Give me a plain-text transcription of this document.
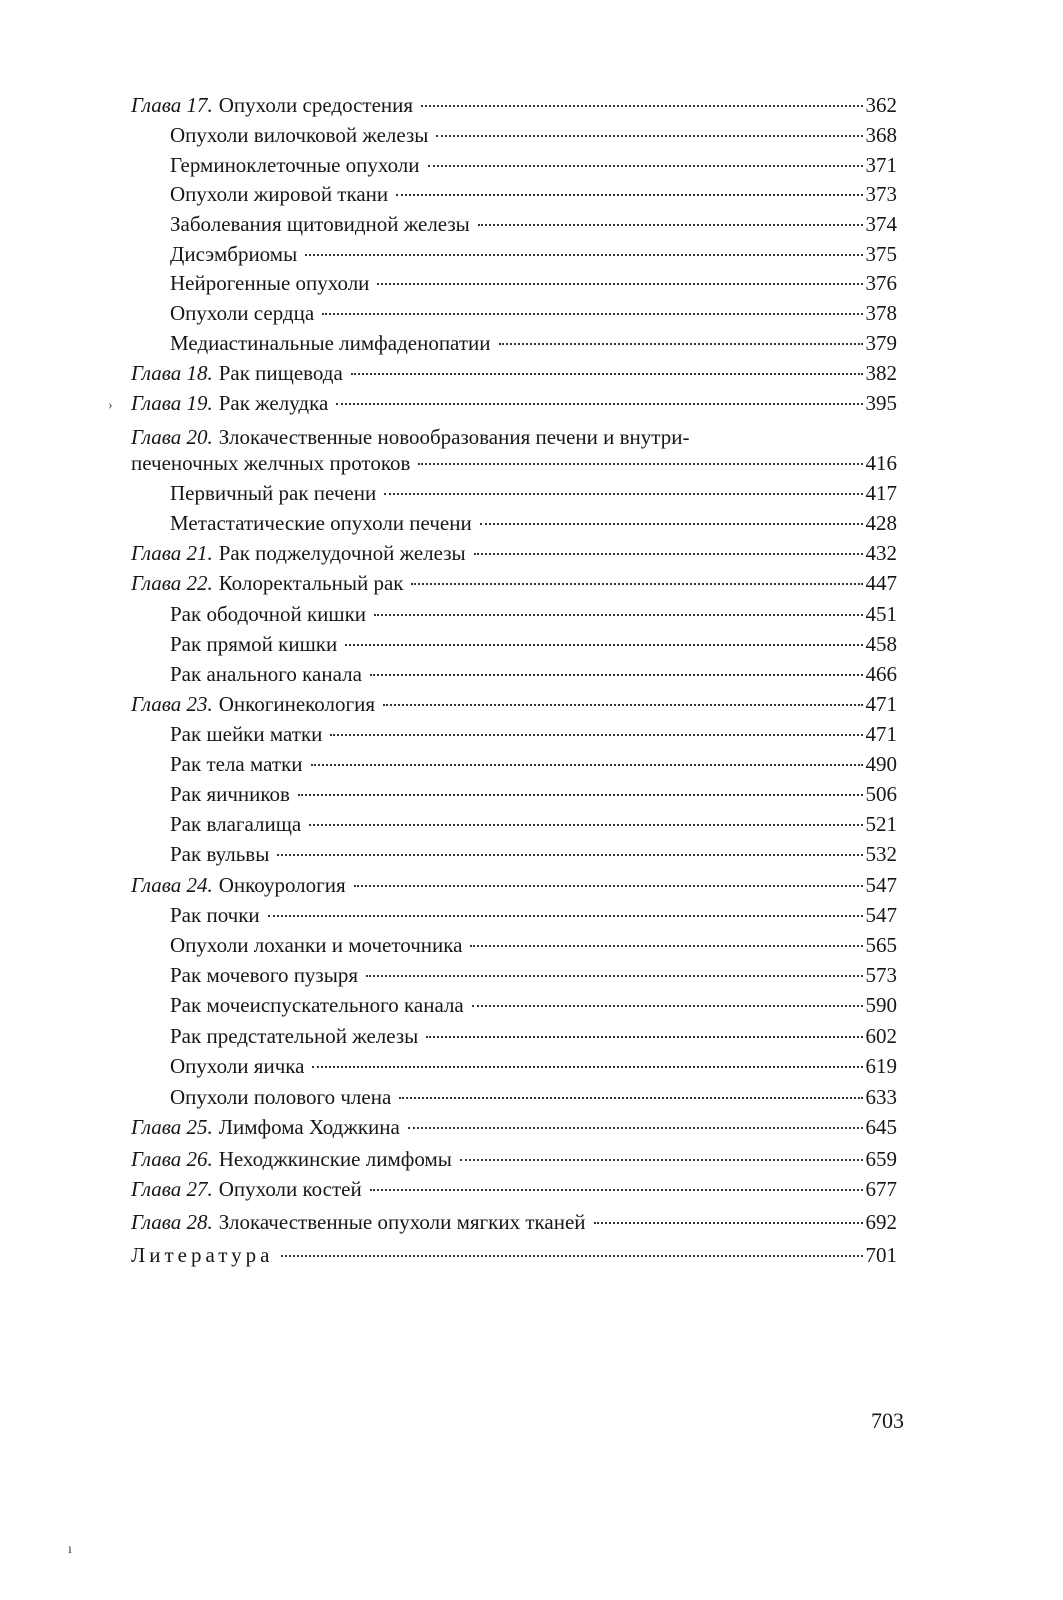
Глава 17. Опухоли средостения	362
Опухоли вилочковой железы	368
Герминоклеточные опухоли	371
Опухоли жировой ткани	373
Заболевания щитовидной железы	374
Дисэмбриомы	375
Нейрогенные опухоли	376
Опухоли сердца	378
Медиастинальные лимфаденопатии	379
Глава 18. Рак пищевода	382
Глава 19. Рак желудка	395
Глава 20. Злокачественные новообразования печени и внутри-
печеночных желчных протоков	416
Первичный рак печени	417
Метастатические опухоли печени	428
Глава 21. Рак поджелудочной железы	432
Глава 22. Колоректальный рак	447
Рак ободочной кишки	451
Рак прямой кишки	458
Рак анального канала	466
Глава 23. Онкогинекология	471
Рак шейки матки	471
Рак тела матки	490
Рак яичников	506
Рак влагалища	521
Рак вульвы	532
Глава 24. Онкоурология	547
Рак почки	547
Опухоли лоханки и мочеточника	565
Рак мочевого пузыря	573
Рак мочеиспускательного канала	590
Рак предстательной железы	602
Опухоли яичка	619
Опухоли полового члена	633
Глава 25. Лимфома Ходжкина	645
Глава 26. Неходжкинские лимфомы	659
Глава 27. Опухоли костей	677
Глава 28. Злокачественные опухоли мягких тканей	692
Литература	701
›
ı
703
